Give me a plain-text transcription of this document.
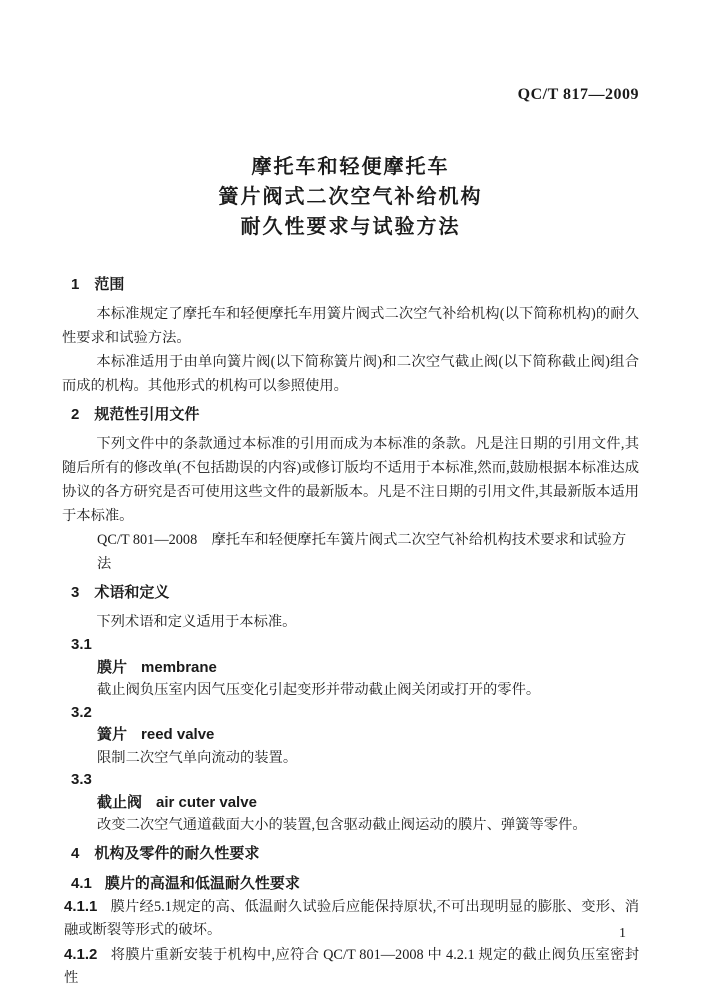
QC/T 817—2009
摩托车和轻便摩托车
簧片阀式二次空气补给机构
耐久性要求与试验方法
1 范围

本标准规定了摩托车和轻便摩托车用簧片阀式二次空气补给机构(以下简称机构)的耐久性要求和试验方法。

本标准适用于由单向簧片阀(以下简称簧片阀)和二次空气截止阀(以下简称截止阀)组合而成的机构。其他形式的机构可以参照使用。

2 规范性引用文件

下列文件中的条款通过本标准的引用而成为本标准的条款。凡是注日期的引用文件,其随后所有的修改单(不包括勘误的内容)或修订版均不适用于本标准,然而,鼓励根据本标准达成协议的各方研究是否可使用这些文件的最新版本。凡是不注日期的引用文件,其最新版本适用于本标准。

QC/T 801—2008　摩托车和轻便摩托车簧片阀式二次空气补给机构技术要求和试验方法

3 术语和定义

下列术语和定义适用于本标准。

3.1
膜片 membrane

截止阀负压室内因气压变化引起变形并带动截止阀关闭或打开的零件。

3.2
簧片 reed valve

限制二次空气单向流动的装置。

3.3
截止阀 air cuter valve

改变二次空气通道截面大小的装置,包含驱动截止阀运动的膜片、弹簧等零件。

4 机构及零件的耐久性要求
4.1 膜片的高温和低温耐久性要求

4.1.1 膜片经5.1规定的高、低温耐久试验后应能保持原状,不可出现明显的膨胀、变形、消融或断裂等形式的破坏。

4.1.2 将膜片重新安装于机构中,应符合 QC/T 801—2008 中 4.2.1 规定的截止阀负压室密封性

1
